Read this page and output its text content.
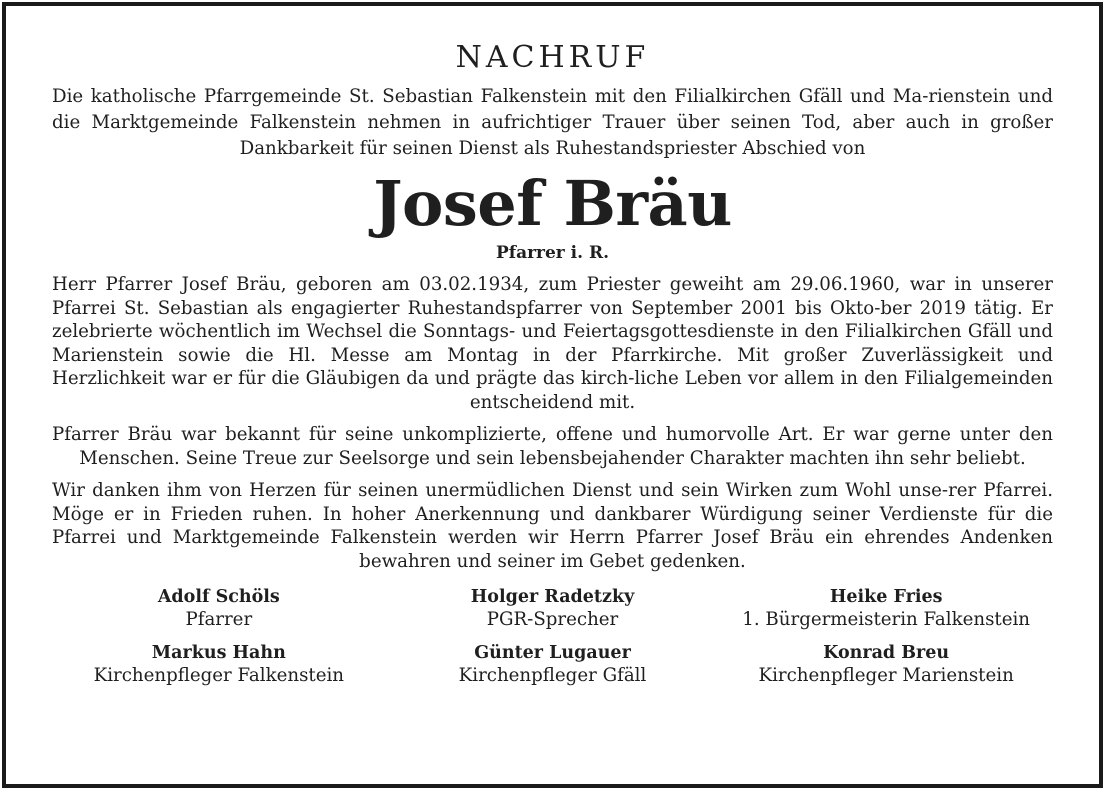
NACHRUF
Die katholische Pfarrgemeinde St. Sebastian Falkenstein mit den Filialkirchen Gfäll und Ma-rienstein und die Marktgemeinde Falkenstein nehmen in aufrichtiger Trauer über seinen Tod, aber auch in großer Dankbarkeit für seinen Dienst als Ruhestandspriester Abschied von
Josef Bräu
Pfarrer i. R.
Herr Pfarrer Josef Bräu, geboren am 03.02.1934, zum Priester geweiht am 29.06.1960, war in unserer Pfarrei St. Sebastian als engagierter Ruhestandspfarrer von September 2001 bis Okto-ber 2019 tätig. Er zelebrierte wöchentlich im Wechsel die Sonntags- und Feiertagsgottesdienste in den Filialkirchen Gfäll und Marienstein sowie die Hl. Messe am Montag in der Pfarrkirche. Mit großer Zuverlässigkeit und Herzlichkeit war er für die Gläubigen da und prägte das kirch-liche Leben vor allem in den Filialgemeinden entscheidend mit.
Pfarrer Bräu war bekannt für seine unkomplizierte, offene und humorvolle Art. Er war gerne unter den Menschen. Seine Treue zur Seelsorge und sein lebensbejahender Charakter machten ihn sehr beliebt.
Wir danken ihm von Herzen für seinen unermüdlichen Dienst und sein Wirken zum Wohl unse-rer Pfarrei. Möge er in Frieden ruhen. In hoher Anerkennung und dankbarer Würdigung seiner Verdienste für die Pfarrei und Marktgemeinde Falkenstein werden wir Herrn Pfarrer Josef Bräu ein ehrendes Andenken bewahren und seiner im Gebet gedenken.
Adolf Schöls
Pfarrer
Holger Radetzky
PGR-Sprecher
Heike Fries
1. Bürgermeisterin Falkenstein
Markus Hahn
Kirchenpfleger Falkenstein
Günter Lugauer
Kirchenpfleger Gfäll
Konrad Breu
Kirchenpfleger Marienstein
